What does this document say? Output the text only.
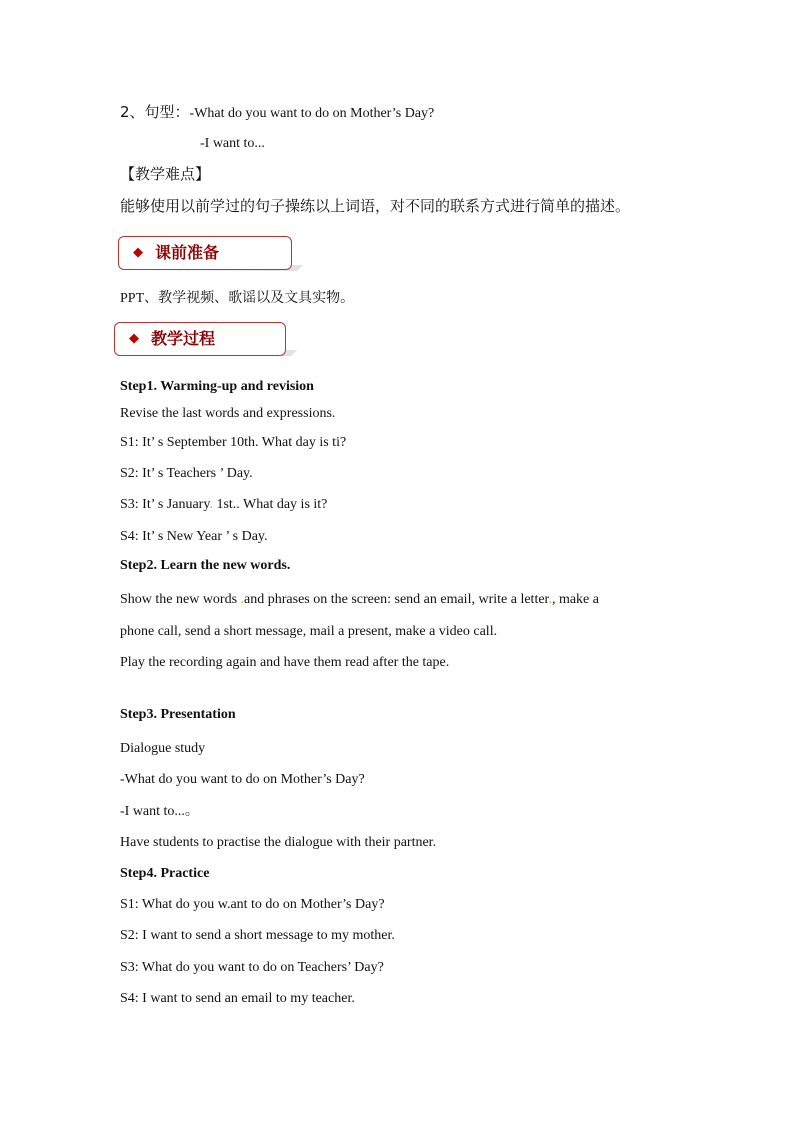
2、句型：-What do you want to do on Mother’s Day?
-I want to...
【教学难点】
能够使用以前学过的句子操练以上词语，对不同的联系方式进行简单的描述。
◆ 课前准备
PPT、教学视频、歌谣以及文具实物。
◆ 教学过程
Step1. Warming-up and revision
Revise the last words and expressions.
S1: It’ s September 10th. What day is ti?
S2: It’ s Teachers ’ Day.
S3: It’ s January. 1st.. What day is it?
S4: It’ s New Year ’ s Day.
Step2. Learn the new words.
Show the new words .and phrases on the screen: send an email, write a letter., make a
phone call, send a short message, mail a present, make a video call.
Play the recording again and have them read after the tape.
Step3. Presentation
Dialogue study
-What do you want to do on Mother’s Day?
-I want to...。
Have students to practise the dialogue with their partner.
Step4. Practice
S1: What do you w.ant to do on Mother’s Day?
S2: I want to send a short message to my mother.
S3: What do you want to do on Teachers’ Day?
S4: I want to send an email to my teacher.
